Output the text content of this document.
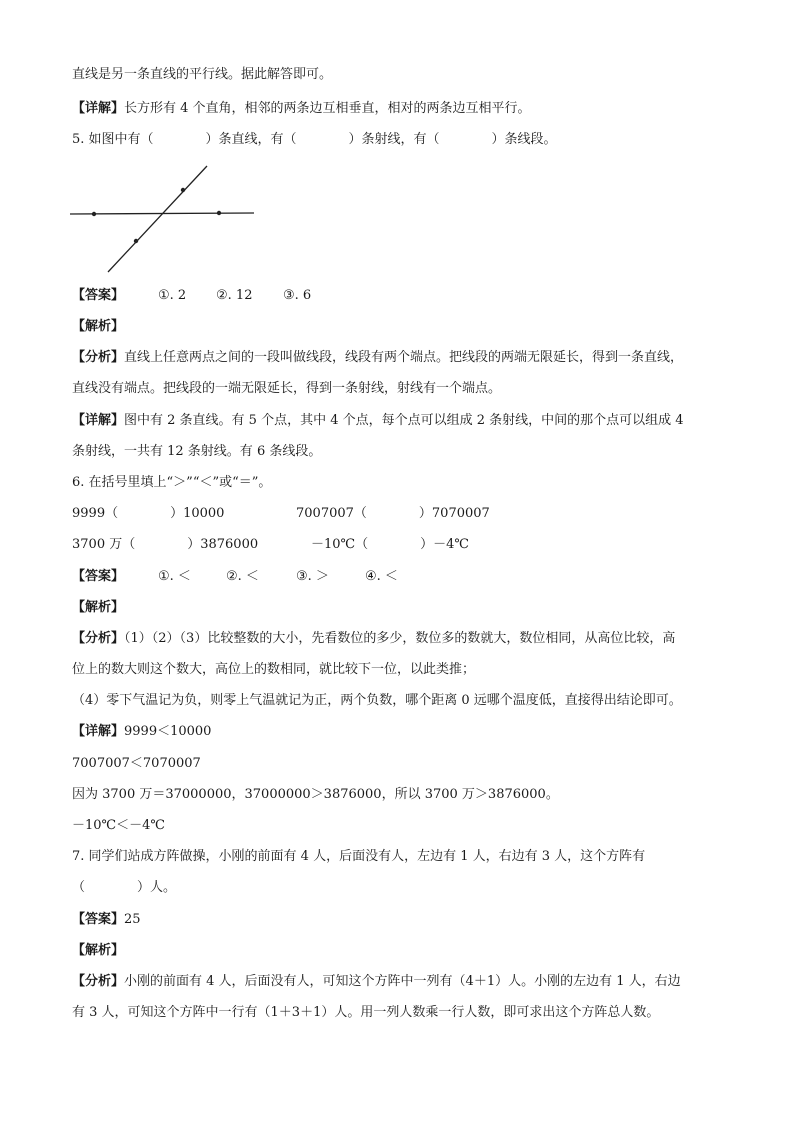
直线是另一条直线的平行线。据此解答即可。
【详解】长方形有 4 个直角，相邻的两条边互相垂直，相对的两条边互相平行。
5. 如图中有（　　　　）条直线，有（　　　　）条射线，有（　　　　）条线段。
【答案】	①. 2 ②. 12 ③. 6
【解析】
【分析】直线上任意两点之间的一段叫做线段，线段有两个端点。把线段的两端无限延长，得到一条直线，
直线没有端点。把线段的一端无限延长，得到一条射线，射线有一个端点。
【详解】图中有 2 条直线。有 5 个点，其中 4 个点，每个点可以组成 2 条射线，中间的那个点可以组成 4
条射线，一共有 12 条射线。有 6 条线段。
6. 在括号里填上“＞”“＜”或“＝”。
9999（　　　　）10000	7007007（　　　　）7070007
3700 万（　　　　）3876000	－10℃（　　　　）－4℃
【答案】	①. ＜	②. ＜	③. ＞	④. ＜
【解析】
【分析】（1）（2）（3）比较整数的大小，先看数位的多少，数位多的数就大，数位相同，从高位比较，高
位上的数大则这个数大，高位上的数相同，就比较下一位，以此类推；
（4）零下气温记为负，则零上气温就记为正，两个负数，哪个距离 0 远哪个温度低，直接得出结论即可。
【详解】9999＜10000
7007007＜7070007
因为 3700 万＝37000000，37000000＞3876000，所以 3700 万＞3876000。
－10℃＜－4℃
7. 同学们站成方阵做操，小刚的前面有 4 人，后面没有人，左边有 1 人，右边有 3 人，这个方阵有
（　　　　）人。
【答案】25
【解析】
【分析】小刚的前面有 4 人，后面没有人，可知这个方阵中一列有（4＋1）人。小刚的左边有 1 人，右边
有 3 人，可知这个方阵中一行有（1＋3＋1）人。用一列人数乘一行人数，即可求出这个方阵总人数。
